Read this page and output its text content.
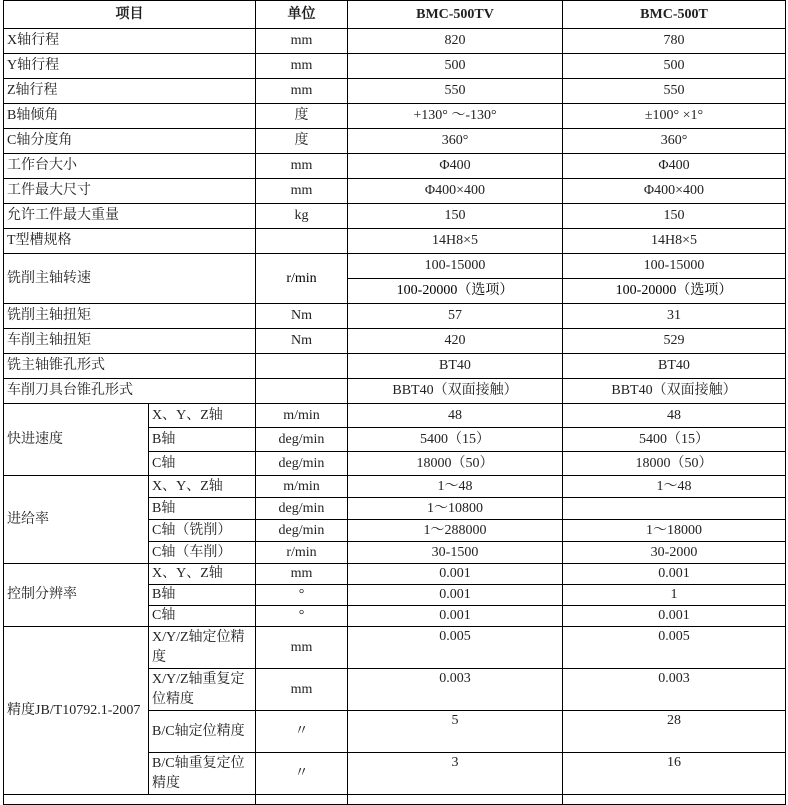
项目		单位	BMC-500TV	BMC-500T
X轴行程		mm	820	780
Y轴行程		mm	500	500
Z轴行程		mm	550	550
B轴倾角		度	+130° ～-130°	±100° ×1°
C轴分度角		度	360°	360°
工作台大小		mm	Φ400	Φ400
工件最大尺寸		mm	Φ400×400	Φ400×400
允许工件最大重量		kg	150	150
T型槽规格			14H8×5	14H8×5
铣削主轴转速		r/min	100-15000	100-15000
			100-20000（选项）	100-20000（选项）
铣削主轴扭矩		Nm	57	31
车削主轴扭矩		Nm	420	529
铣主轴锥孔形式			BT40	BT40
车削刀具台锥孔形式			BBT40（双面接触）	BBT40（双面接触）
快进速度	X、Y、Z轴	m/min	48	48
	B轴	deg/min	5400（15）	5400（15）
	C轴	deg/min	18000（50）	18000（50）
进给率	X、Y、Z轴	m/min	1～48	1～48
	B轴	deg/min	1～10800	
	C轴（铣削）	deg/min	1～288000	1～18000
	C轴（车削）	r/min	30-1500	30-2000
控制分辨率	X、Y、Z轴	mm	0.001	0.001
	B轴	°	0.001	1
	C轴	°	0.001	0.001
精度JB/T10792.1-2007	X/Y/Z轴定位精度	mm	0.005	0.005
	X/Y/Z轴重复定位精度	mm	0.003	0.003
	B/C轴定位精度	〃	5	28
	B/C轴重复定位精度	〃	3	16
